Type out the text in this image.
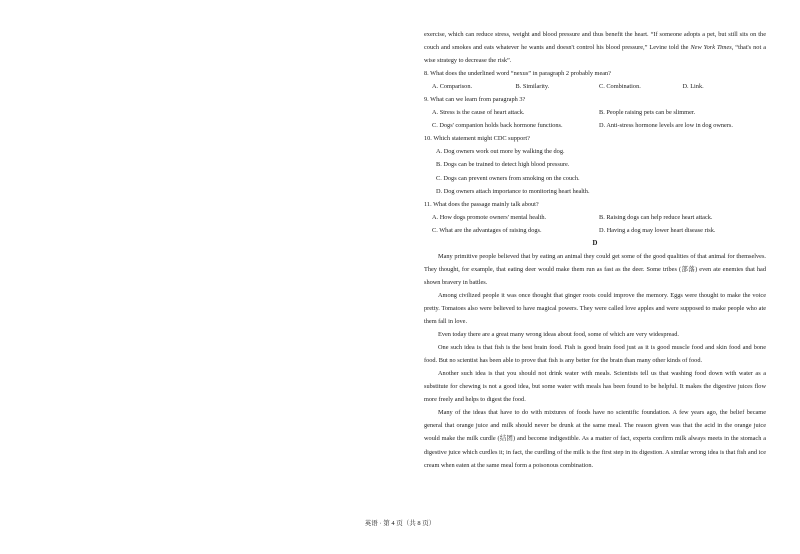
exercise, which can reduce stress, weight and blood pressure and thus benefit the heart. “If someone adopts a pet, but still sits on the couch and smokes and eats whatever he wants and doesn't control his blood pressure,” Levine told the New York Times, “that's not a wise strategy to decrease the risk”.

8. What does the underlined word “nexus” in paragraph 2 probably mean?

A. Comparison.	B. Similarity.	C. Combination.	D. Link.

9. What can we learn from paragraph 3?

A. Stress is the cause of heart attack.	B. People raising pets can be slimmer.
C. Dogs' companion holds back hormone functions.	D. Anti-stress hormone levels are low in dog owners.

10. Which statement might CDC support?

A. Dog owners work out more by walking the dog.

B. Dogs can be trained to detect high blood pressure.

C. Dogs can prevent owners from smoking on the couch.

D. Dog owners attach importance to monitoring heart health.

11. What does the passage mainly talk about?

A. How dogs promote owners' mental health.	B. Raising dogs can help reduce heart attack.
C. What are the advantages of raising dogs.	D. Having a dog may lower heart disease risk.

D

Many primitive people believed that by eating an animal they could get some of the good qualities of that animal for themselves. They thought, for example, that eating deer would make them run as fast as the deer. Some tribes (部落) even ate enemies that had shown bravery in battles.

Among civilized people it was once thought that ginger roots could improve the memory. Eggs were thought to make the voice pretty. Tomatoes also were believed to have magical powers. They were called love apples and were supposed to make people who ate them fall in love.

Even today there are a great many wrong ideas about food, some of which are very widespread.

One such idea is that fish is the best brain food. Fish is good brain food just as it is good muscle food and skin food and bone food. But no scientist has been able to prove that fish is any better for the brain than many other kinds of food.

Another such idea is that you should not drink water with meals. Scientists tell us that washing food down with water as a substitute for chewing is not a good idea, but some water with meals has been found to be helpful. It makes the digestive juices flow more freely and helps to digest the food.

Many of the ideas that have to do with mixtures of foods have no scientific foundation. A few years ago, the belief became general that orange juice and milk should never be drunk at the same meal. The reason given was that the acid in the orange juice would make the milk curdle (结团) and become indigestible. As a matter of fact, experts confirm milk always meets in the stomach a digestive juice which curdles it; in fact, the curdling of the milk is the first step in its digestion. A similar wrong idea is that fish and ice cream when eaten at the same meal form a poisonous combination.

英语 · 第 4 页（共 8 页）
